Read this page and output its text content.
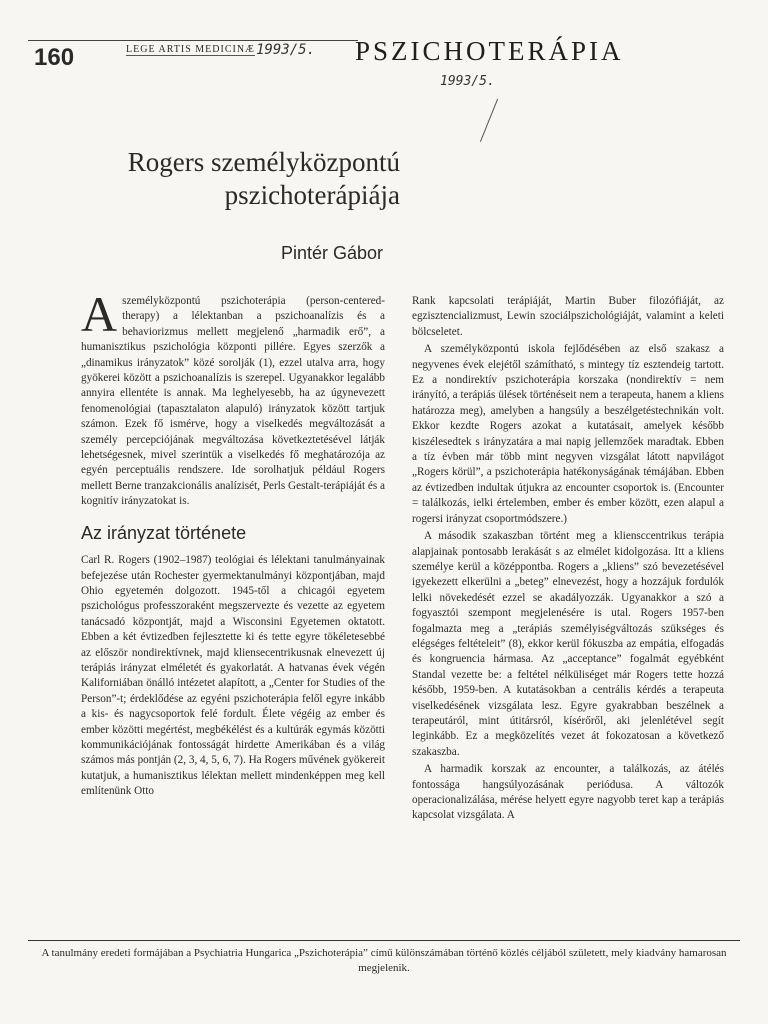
160	LEGE ARTIS MEDICINÆ 1993/5. PSZICHOTERÁPIA
1993/5.
Rogers személyközpontú
pszichoterápiája
Pintér Gábor

Aszemélyközpontú pszichoterápia (person-centered-therapy) a lélektanban a pszichoanalízis és a behaviorizmus mellett megjelenő „harmadik erő”, a humanisztikus pszichológia központi pillére. Egyes szerzők a „dinamikus irányzatok” közé sorolják (1), ezzel utalva arra, hogy gyökerei között a pszichoanalízis is szerepel. Ugyanakkor legalább annyira ellentéte is annak. Ma leghelyesebb, ha az úgynevezett fenomenológiai (tapasztalaton alapuló) irányzatok között tartjuk számon. Ezek fő ismérve, hogy a viselkedés megváltozását a személy percepciójának megváltozása következtetésével látják lehetségesnek, mivel szerintük a viselkedés fő meghatározója az egyén perceptuális rendszere. Ide sorolhatjuk például Rogers mellett Berne tranzakcionális analízisét, Perls Gestalt-terápiáját és a kognitív irányzatokat is.

Az irányzat története

Carl R. Rogers (1902–1987) teológiai és lélektani tanulmányainak befejezése után Rochester gyermektanulmányi központjában, majd Ohio egyetemén dolgozott. 1945-től a chicagói egyetem pszichológus professzoraként megszervezte és vezette az egyetem tanácsadó központját, majd a Wisconsini Egyetemen oktatott. Ebben a két évtizedben fejlesztette ki és tette egyre tökéletesebbé az először nondirektívnek, majd kliensecentrikusnak elnevezett új terápiás irányzat elméletét és gyakorlatát. A hatvanas évek végén Kaliforniában önálló intézetet alapított, a „Center for Studies of the Person”-t; érdeklődése az egyéni pszichoterápia felől egyre inkább a kis- és nagycsoportok felé fordult. Élete végéig az ember és ember közötti megértést, megbékélést és a kultúrák egymás közötti kommunikációjának fontosságát hirdette Amerikában és a világ számos más pontján (2, 3, 4, 5, 6, 7). Ha Rogers művének gyökereit kutatjuk, a humanisztikus lélektan mellett mindenképpen meg kell említenünk Otto

Rank kapcsolati terápiáját, Martin Buber filozófiáját, az egzisztencializmust, Lewin szociálpszichológiáját, valamint a keleti bölcseletet.

A személyközpontú iskola fejlődésében az első szakasz a negyvenes évek elejétől számítható, s mintegy tíz esztendeig tartott. Ez a nondirektív pszichoterápia korszaka (nondirektív = nem irányító, a terápiás ülések történéseit nem a terapeuta, hanem a kliens határozza meg), amelyben a hangsúly a beszélgetéstechnikán volt. Ekkor kezdte Rogers azokat a kutatásait, amelyek később kiszélesedtek s irányzatára a mai napig jellemzőek maradtak. Ebben a tíz évben már több mint negyven vizsgálat látott napvilágot „Rogers körül”, a pszichoterápia hatékonyságának témájában. Ebben az évtizedben indultak útjukra az encounter csoportok is. (Encounter = találkozás, ielki értelemben, ember és ember között, ezen alapul a rogersi irányzat csoportmódszere.)

A második szakaszban történt meg a kliensccentrikus terápia alapjainak pontosabb lerakását s az elmélet kidolgozása. Itt a kliens személye kerül a középpontba. Rogers a „kliens” szó bevezetésével igyekezett elkerülni a „beteg” elnevezést, hogy a hozzájuk fordulók lelki növekedését ezzel se akadályozzák. Ugyanakkor a szó a fogyasztói szempont megjelenésére is utal. Rogers 1957-ben fogalmazta meg a „terápiás személyiségváltozás szükséges és elégséges feltételeit” (8), ekkor kerül fókuszba az empátia, elfogadás és kongruencia hármasa. Az „acceptance” fogalmát egyébként Standal vezette be: a feltétel nélküliséget már Rogers tette hozzá később, 1959-ben. A kutatásokban a centrális kérdés a terapeuta viselkedésének vizsgálata lesz. Egyre gyakrabban beszélnek a terapeutáról, mint útitársról, kísérőről, aki jelenlétével segít leginkább. Ez a megközelítés vezet át fokozatosan a következő szakaszba.

A harmadik korszak az encounter, a találkozás, az átélés fontossága hangsúlyozásának periódusa. A változók operacionalizálása, mérése helyett egyre nagyobb teret kap a terápiás kapcsolat vizsgálata. A

A tanulmány eredeti formájában a Psychiatria Hungarica „Pszichoterápia” című különszámában történő közlés céljából született, mely kiadvány hamarosan megjelenik.
